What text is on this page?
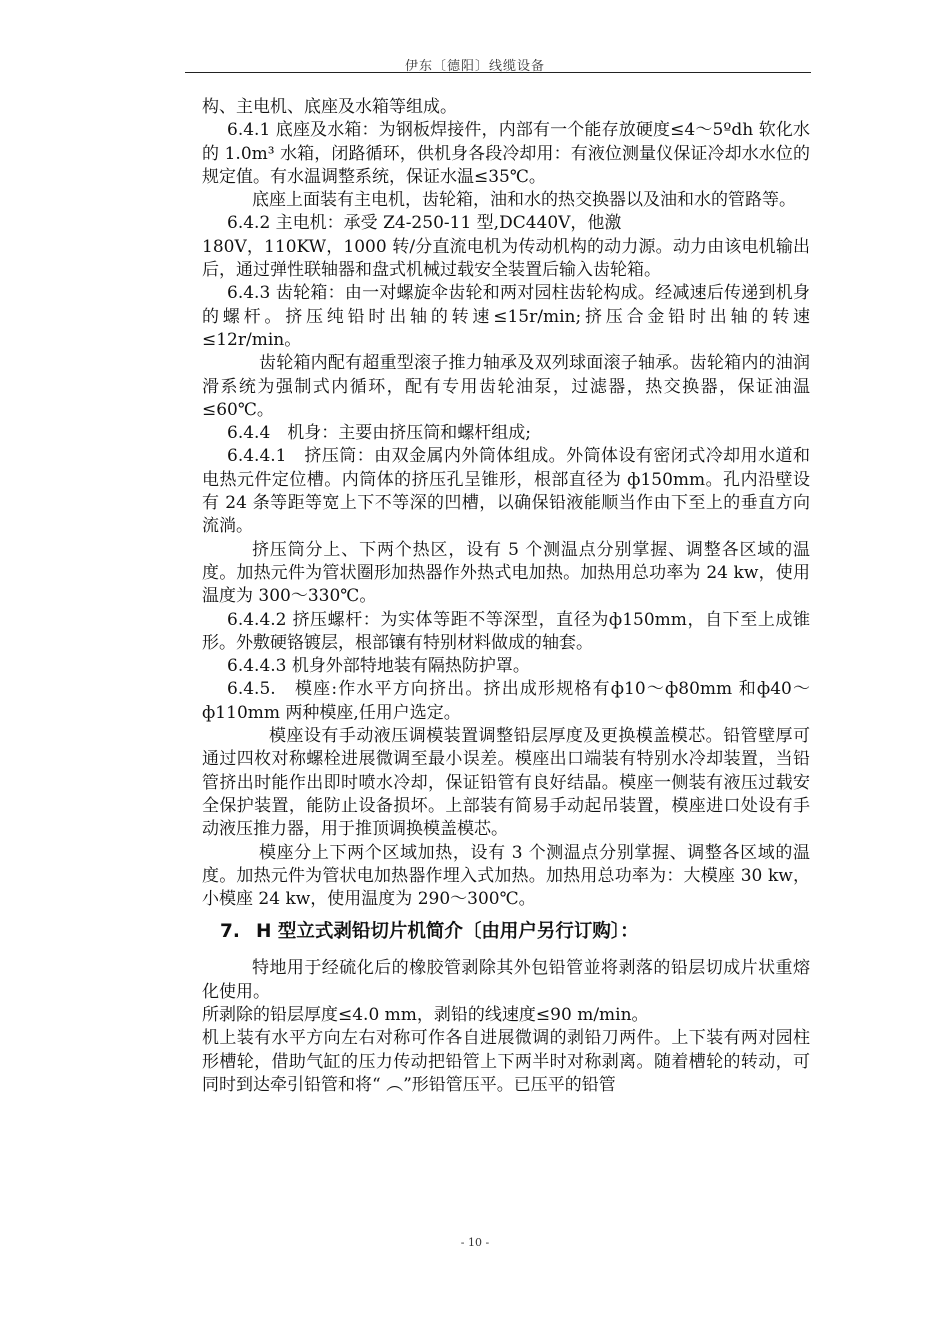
伊东〔德阳〕线缆设备

构、主电机、底座及水箱等组成。

6.4.1 底座及水箱：为钢板焊接件，内部有一个能存放硬度≤4～5ºdh 软化水的 1.0m³ 水箱，闭路循环，供机身各段冷却用：有液位测量仪保证冷却水水位的规定值。有水温调整系统，保证水温≤35℃。

底座上面装有主电机，齿轮箱，油和水的热交换器以及油和水的管路等。

6.4.2 主电机：承受 Z4-250-11 型,DC440V，他激

180V，110KW，1000 转/分直流电机为传动机构的动力源。动力由该电机输出后，通过弹性联轴器和盘式机械过载安全装置后输入齿轮箱。

6.4.3 齿轮箱：由一对螺旋伞齿轮和两对园柱齿轮构成。经减速后传递到机身的螺杆。挤压纯铅时出轴的转速≤15r/min;挤压合金铅时出轴的转速≤12r/min。

齿轮箱内配有超重型滚子推力轴承及双列球面滚子轴承。齿轮箱内的油润滑系统为强制式内循环，配有专用齿轮油泵，过滤器，热交换器，保证油温≤60℃。

6.4.4　机身：主要由挤压筒和螺杆组成;

6.4.4.1　挤压筒：由双金属内外筒体组成。外筒体设有密闭式冷却用水道和电热元件定位槽。内筒体的挤压孔呈锥形，根部直径为 ф150mm。孔内沿壁设有 24 条等距等宽上下不等深的凹槽，以确保铅液能顺当作由下至上的垂直方向流淌。

挤压筒分上、下两个热区，设有 5 个测温点分别掌握、调整各区域的温度。加热元件为管状圈形加热器作外热式电加热。加热用总功率为 24 kw，使用温度为 300～330℃。

6.4.4.2 挤压螺杆：为实体等距不等深型，直径为ф150mm，自下至上成锥形。外敷硬铬镀层，根部镶有特别材料做成的轴套。

6.4.4.3 机身外部特地装有隔热防护罩。

6.4.5.　模座:作水平方向挤出。挤出成形规格有ф10～ф80mm 和ф40～ф110mm 两种模座,任用户选定。

模座设有手动液压调模装置调整铅层厚度及更换模盖模芯。铅管壁厚可通过四枚对称螺栓进展微调至最小误差。模座出口端装有特别水冷却装置，当铅管挤出时能作出即时喷水冷却，保证铅管有良好结晶。模座一侧装有液压过载安全保护装置，能防止设备损坏。上部装有简易手动起吊装置，模座进口处设有手动液压推力器，用于推顶调换模盖模芯。

模座分上下两个区域加热，设有 3 个测温点分别掌握、调整各区域的温度。加热元件为管状电加热器作埋入式加热。加热用总功率为：大模座 30 kw，小模座 24 kw，使用温度为 290～300℃。

7. H 型立式剥铅切片机简介〔由用户另行订购〕：

特地用于经硫化后的橡胶管剥除其外包铅管並将剥落的铅层切成片状重熔化使用。

所剥除的铅层厚度≤4.0 mm，剥铅的线速度≤90 m/min。

机上装有水平方向左右对称可作各自进展微调的剥铅刀两件。上下装有两对园柱形槽轮，借助气缸的压力传动把铅管上下两半时对称剥离。随着槽轮的转动，可同时到达牵引铅管和将“ ︵”形铅管压平。已压平的铅管

- 10 -
